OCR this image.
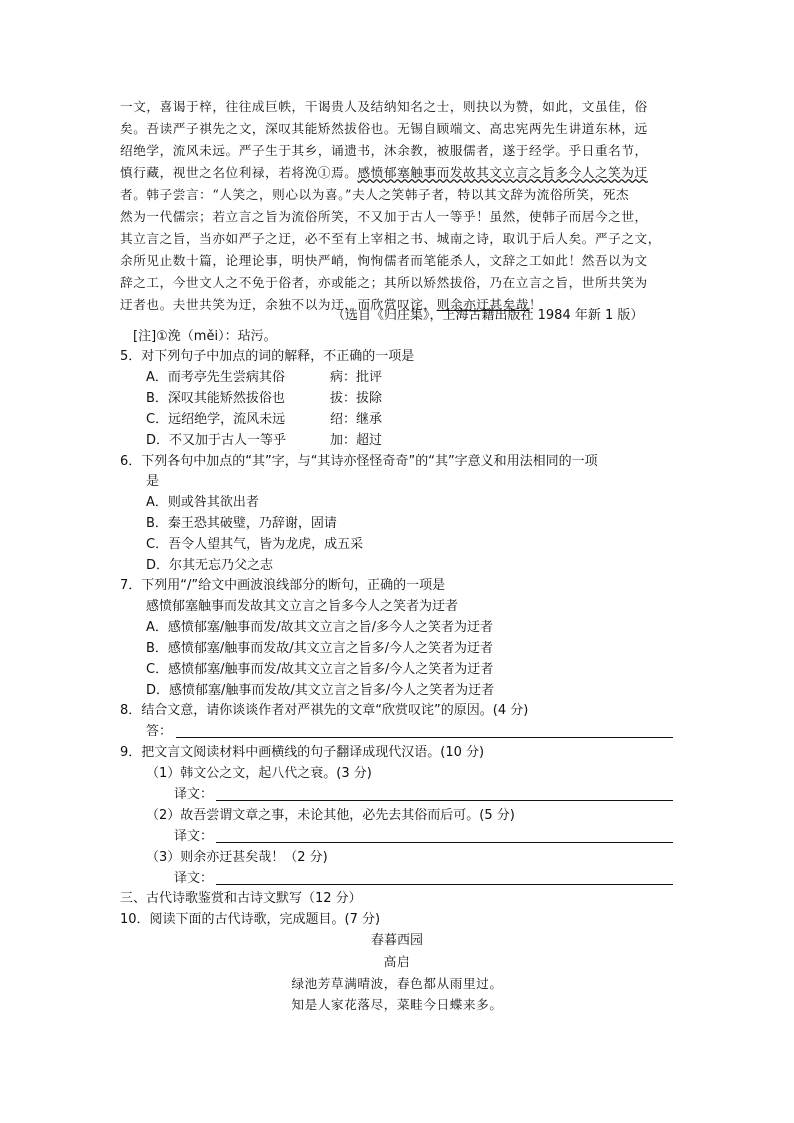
一文，喜谒于梓，往往成巨帙，干谒贵人及结纳知名之士，则抉以为赞，如此，文虽佳，俗
矣。吾读严子祺先之文，深叹其能矫然拔俗也。无锡自顾端文、高忠宪两先生讲道东林，远
绍绝学，流风未远。严子生于其乡，诵遗书，沐余教，被服儒者，遂于经学。乎日重名节，
慎行藏，视世之名位利禄，若将浼①焉。感愤郁塞触事而发故其文立言之旨多今人之笑为迂
者。韩子尝言：“人笑之，则心以为喜。”夫人之笑韩子者，特以其文辞为流俗所笑，死杰
然为一代儒宗；若立言之旨为流俗所笑，不又加于古人一等乎！虽然，使韩子而居今之世，
其立言之旨，当亦如严子之迂，必不至有上宰相之书、城南之诗，取讥于后人矣。严子之文，
余所见止数十篇，论理论事，明快严峭，恂恂儒者而笔能杀人，文辞之工如此！然吾以为文
辞之工，今世文人之不免于俗者，亦或能之；其所以矫然拔俗，乃在立言之旨，世所共笑为
迂者也。夫世共笑为迂，余独不以为迂，而欣赏叹诧，则余亦迂甚矣哉！
（选自《归庄集》，上海古籍出版社 1984 年新 1 版）
[注]①浼（měi）：玷污。
5．对下列句子中加点的词的解释，不正确的一项是
A．而考亭先生尝病其俗	病：批评
B．深叹其能矫然拔俗也	拔：拔除
C．远绍绝学，流风未远	绍：继承
D．不又加于古人一等乎	加：超过
6．下列各句中加点的“其”字，与“其诗亦怪怪奇奇”的“其”字意义和用法相同的一项
是
A．则或咎其欲出者
B．秦王恐其破璧，乃辞谢，固请
C．吾令人望其气，皆为龙虎，成五采
D．尔其无忘乃父之志
7．下列用“/”给文中画波浪线部分的断句，正确的一项是
感愤郁塞触事而发故其文立言之旨多今人之笑者为迂者
A．感愤郁塞/触事而发/故其文立言之旨/多今人之笑者为迂者
B．感愤郁塞/触事而发故/其文立言之旨多/今人之笑者为迂者
C．感愤郁塞/触事而发/故其文立言之旨多/今人之笑者为迂者
D．感愤郁塞/触事而发故/其文立言之旨多/今人之笑者为迂者
8．结合文意，请你谈谈作者对严祺先的文章“欣赏叹诧”的原因。(4 分)
答：
9．把文言文阅读材料中画横线的句子翻译成现代汉语。(10 分)
（1）韩文公之文，起八代之衰。(3 分)
译文：
（2）故吾尝谓文章之事，未论其他，必先去其俗而后可。(5 分)
译文：
（3）则余亦迂甚矣哉！（2 分)
译文：
三、古代诗歌鉴赏和古诗文默写（12 分）
10．阅读下面的古代诗歌，完成题目。(7 分)
春暮西园
高启
绿池芳草满晴波，春色都从雨里过。
知是人家花落尽，菜畦今日蝶来多。
